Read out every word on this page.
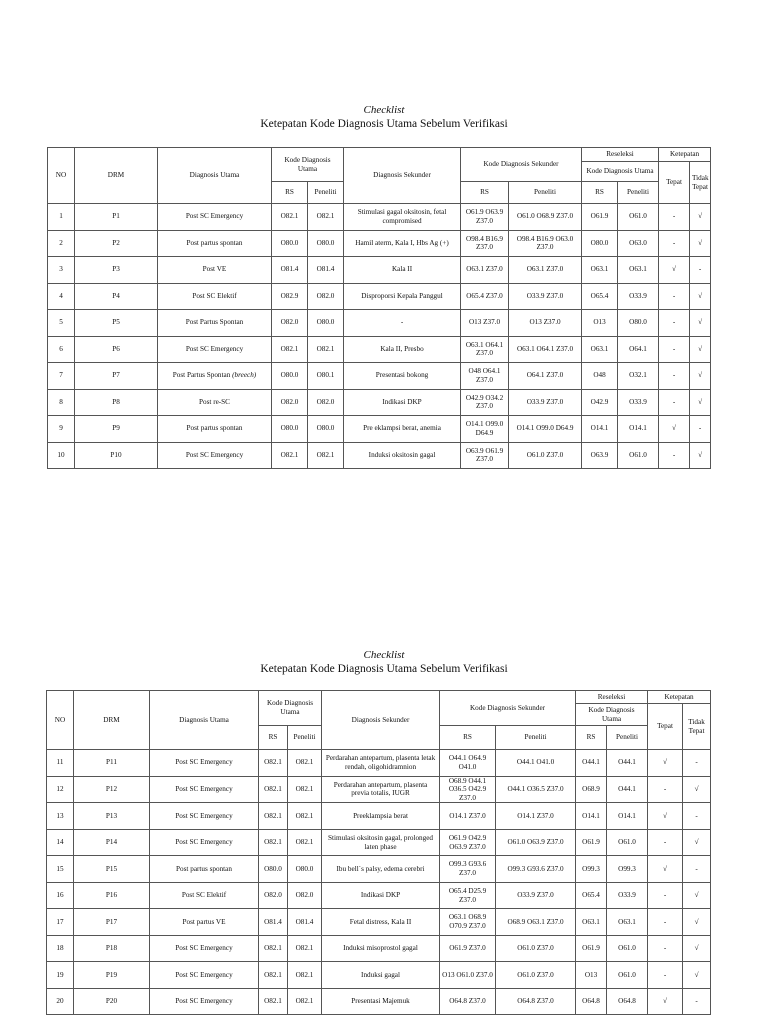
Checklist
Ketepatan Kode Diagnosis Utama Sebelum Verifikasi
NO	DRM	Diagnosis Utama	Kode Diagnosis Utama		Diagnosis Sekunder	Kode Diagnosis Sekunder		Reseleksi		Ketepatan	
								Kode Diagnosis Utama		Tepat	Tidak Tepat
			RS	Peneliti		RS	Peneliti	RS	Peneliti		
1	P1	Post SC Emergency	O82.1	O82.1	Stimulasi gagal oksitosin, fetal compromised	O61.9 O63.9 Z37.0	O61.0 O68.9 Z37.0	O61.9	O61.0	-	√
2	P2	Post partus spontan	O80.0	O80.0	Hamil aterm, Kala I, Hbs Ag (+)	O98.4 B16.9 Z37.0	O98.4 B16.9 O63.0 Z37.0	O80.0	O63.0	-	√
3	P3	Post VE	O81.4	O81.4	Kala II	O63.1 Z37.0	O63.1 Z37.0	O63.1	O63.1	√	-
4	P4	Post SC Elektif	O82.9	O82.0	Disproporsi Kepala Panggul	O65.4 Z37.0	O33.9 Z37.0	O65.4	O33.9	-	√
5	P5	Post Partus Spontan	O82.0	O80.0	-	O13 Z37.0	O13 Z37.0	O13	O80.0	-	√
6	P6	Post SC Emergency	O82.1	O82.1	Kala II, Presbo	O63.1 O64.1 Z37.0	O63.1 O64.1 Z37.0	O63.1	O64.1	-	√
7	P7	Post Partus Spontan (breech)	O80.0	O80.1	Presentasi bokong	O48 O64.1 Z37.0	O64.1 Z37.0	O48	O32.1	-	√
8	P8	Post re-SC	O82.0	O82.0	Indikasi DKP	O42.9 O34.2 Z37.0	O33.9 Z37.0	O42.9	O33.9	-	√
9	P9	Post partus spontan	O80.0	O80.0	Pre eklampsi berat, anemia	O14.1 O99.0 D64.9	O14.1 O99.0 D64.9	O14.1	O14.1	√	-
10	P10	Post SC Emergency	O82.1	O82.1	Induksi oksitosin gagal	O63.9 O61.9 Z37.0	O61.0 Z37.0	O63.9	O61.0	-	√
Checklist
Ketepatan Kode Diagnosis Utama Sebelum Verifikasi
NO	DRM	Diagnosis Utama	Kode Diagnosis Utama		Diagnosis Sekunder	Kode Diagnosis Sekunder		Reseleksi		Ketepatan	
								Kode Diagnosis Utama		Tepat	Tidak Tepat
			RS	Peneliti		RS	Peneliti	RS	Peneliti		
11	P11	Post SC Emergency	O82.1	O82.1	Perdarahan antepartum, plasenta letak rendah, oligohidramnion	O44.1 O64.9 O41.0	O44.1 O41.0	O44.1	O44.1	√	-
12	P12	Post SC Emergency	O82.1	O82.1	Perdarahan antepartum, plasenta previa totalis, IUGR	O68.9 O44.1 O36.5 O42.9 Z37.0	O44.1 O36.5 Z37.0	O68.9	O44.1	-	√
13	P13	Post SC Emergency	O82.1	O82.1	Preeklampsia berat	O14.1 Z37.0	O14.1 Z37.0	O14.1	O14.1	√	-
14	P14	Post SC Emergency	O82.1	O82.1	Stimulasi oksitosin gagal, prolonged laten phase	O61.9 O42.9 O63.9 Z37.0	O61.0 O63.9 Z37.0	O61.9	O61.0	-	√
15	P15	Post partus spontan	O80.0	O80.0	Ibu bell`s palsy, edema cerebri	O99.3 G93.6 Z37.0	O99.3 G93.6 Z37.0	O99.3	O99.3	√	-
16	P16	Post SC Elektif	O82.0	O82.0	Indikasi DKP	O65.4 D25.9 Z37.0	O33.9 Z37.0	O65.4	O33.9	-	√
17	P17	Post partus VE	O81.4	O81.4	Fetal distress, Kala II	O63.1 O68.9 O70.9 Z37.0	O68.9 O63.1 Z37.0	O63.1	O63.1	-	√
18	P18	Post SC Emergency	O82.1	O82.1	Induksi misoprostol gagal	O61.9 Z37.0	O61.0 Z37.0	O61.9	O61.0	-	√
19	P19	Post SC Emergency	O82.1	O82.1	Induksi gagal	O13 O61.0 Z37.0	O61.0 Z37.0	O13	O61.0	-	√
20	P20	Post SC Emergency	O82.1	O82.1	Presentasi Majemuk	O64.8 Z37.0	O64.8 Z37.0	O64.8	O64.8	√	-
